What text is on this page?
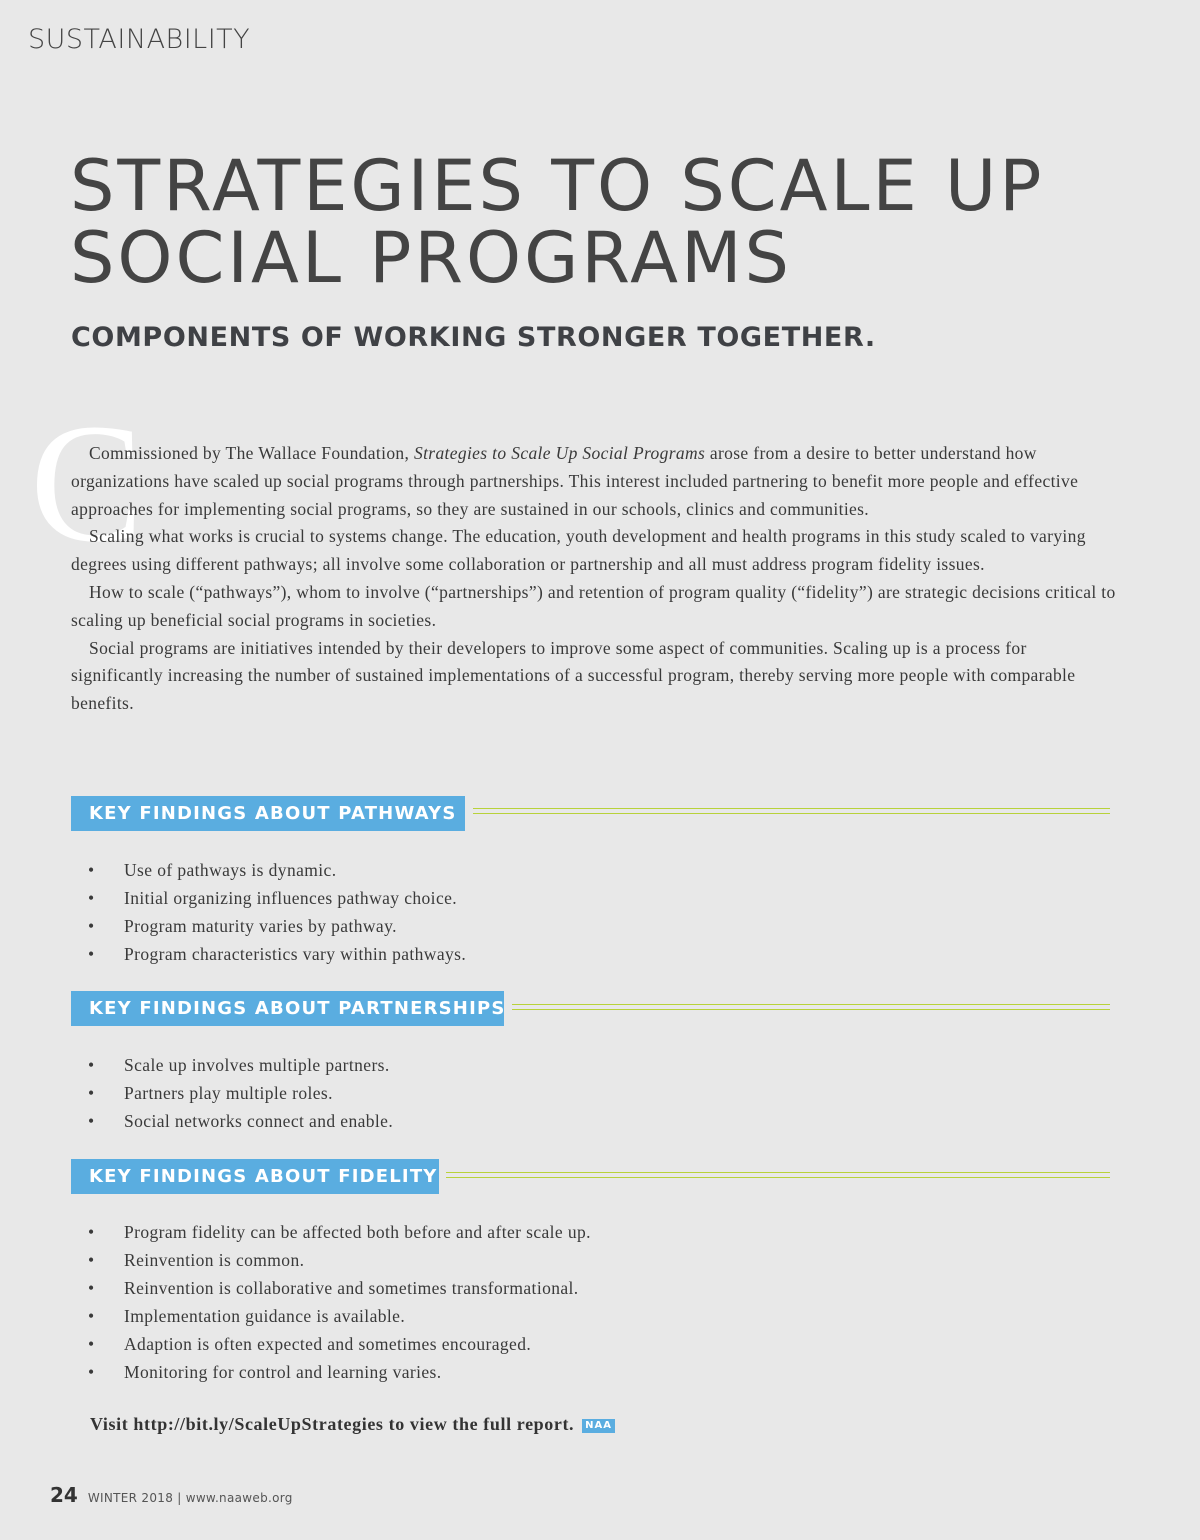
SUSTAINABILITY
STRATEGIES TO SCALE UP
SOCIAL PROGRAMS
COMPONENTS OF WORKING STRONGER TOGETHER.
C

Commissioned by The Wallace Foundation, Strategies to Scale Up Social Programs arose from a desire to better understand how organizations have scaled up social programs through partnerships. This interest included partnering to benefit more people and effective approaches for implementing social programs, so they are sustained in our schools, clinics and communities.

Scaling what works is crucial to systems change. The education, youth development and health programs in this study scaled to varying degrees using different pathways; all involve some collaboration or partnership and all must address program fidelity issues.

How to scale (“pathways”), whom to involve (“partnerships”) and retention of program quality (“fidelity”) are strategic decisions critical to scaling up beneficial social programs in societies.

Social programs are initiatives intended by their developers to improve some aspect of communities. Scaling up is a process for significantly increasing the number of sustained implementations of a successful program, thereby serving more people with comparable benefits.

KEY FINDINGS ABOUT PATHWAYS
• Use of pathways is dynamic.
• Initial organizing influences pathway choice.
• Program maturity varies by pathway.
• Program characteristics vary within pathways.
KEY FINDINGS ABOUT PARTNERSHIPS
• Scale up involves multiple partners.
• Partners play multiple roles.
• Social networks connect and enable.
KEY FINDINGS ABOUT FIDELITY
• Program fidelity can be affected both before and after scale up.
• Reinvention is common.
• Reinvention is collaborative and sometimes transformational.
• Implementation guidance is available.
• Adaption is often expected and sometimes encouraged.
• Monitoring for control and learning varies.
Visit http://bit.ly/ScaleUpStrategies to view the full report. NAA
24 WINTER 2018 | www.naaweb.org
